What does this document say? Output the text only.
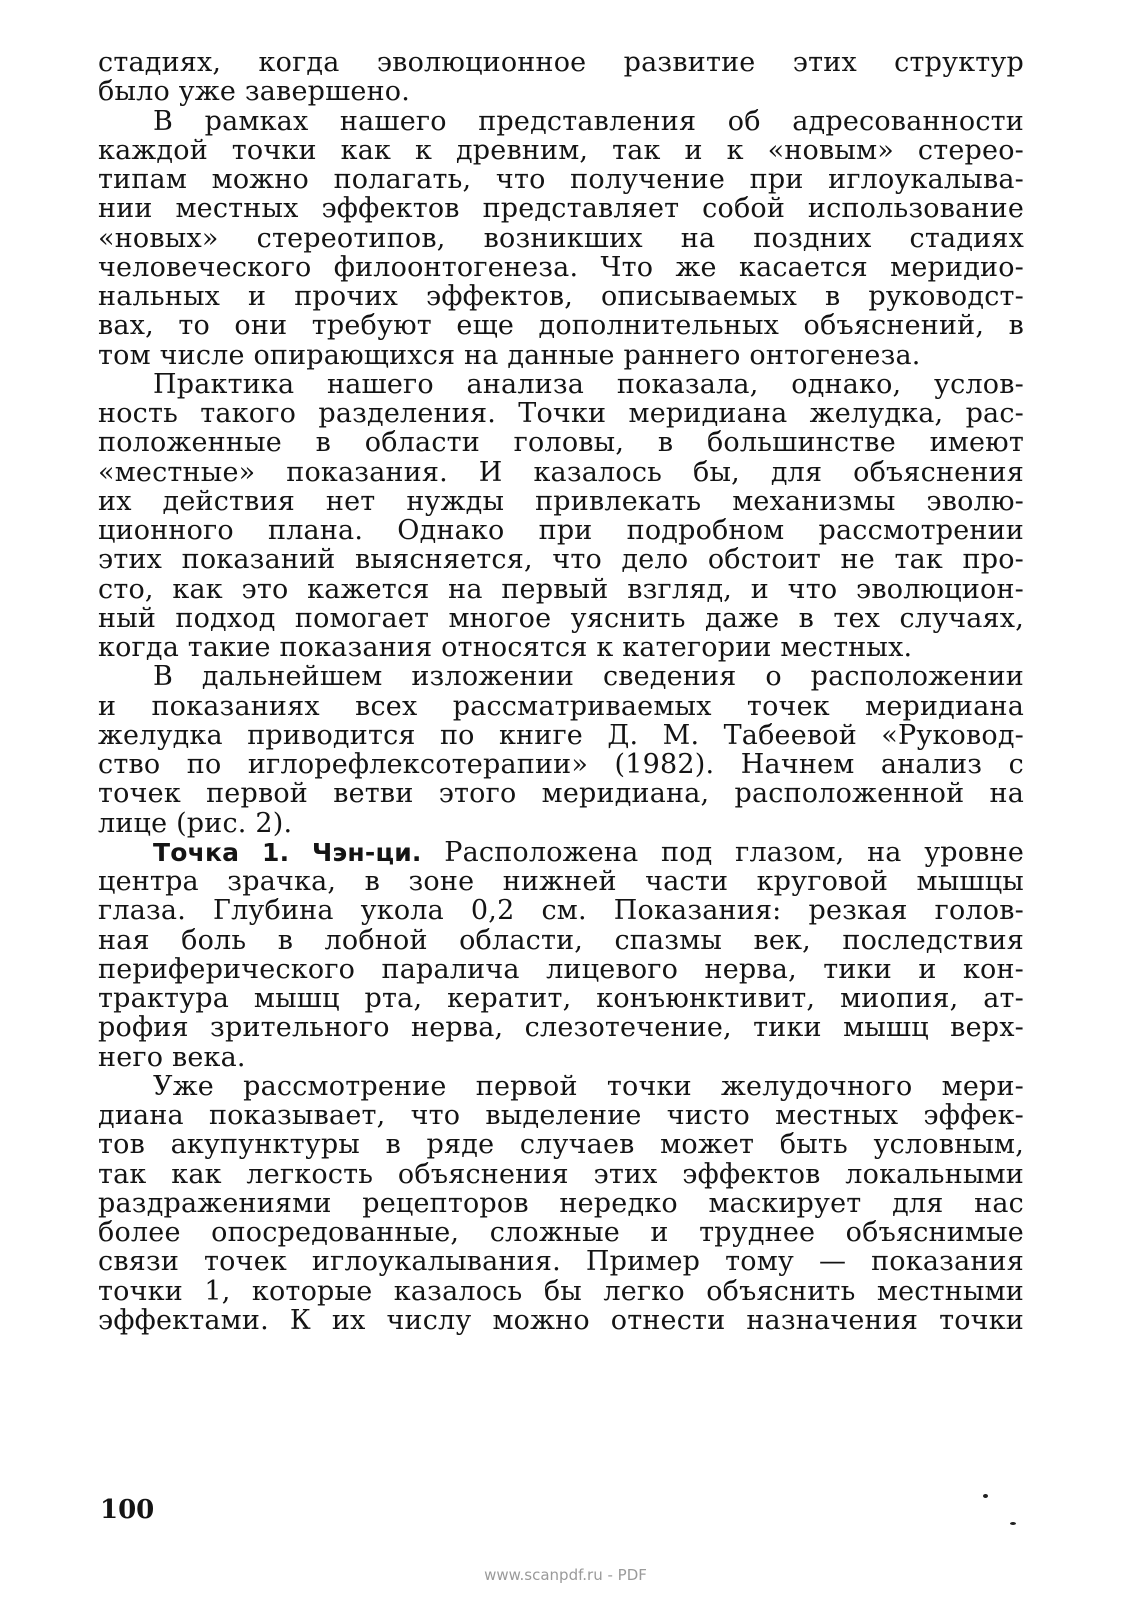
стадиях, когда эволюционное развитие этих структур
было уже завершено.
В рамках нашего представления об адресованности
каждой точки как к древним, так и к «новым» стерео-
типам можно полагать, что получение при иглоукалыва-
нии местных эффектов представляет собой использование
«новых» стереотипов, возникших на поздних стадиях
человеческого филоонтогенеза. Что же касается меридио-
нальных и прочих эффектов, описываемых в руководст-
вах, то они требуют еще дополнительных объяснений, в
том числе опирающихся на данные раннего онтогенеза.
Практика нашего анализа показала, однако, услов-
ность такого разделения. Точки меридиана желудка, рас-
положенные в области головы, в большинстве имеют
«местные» показания. И казалось бы, для объяснения
их действия нет нужды привлекать механизмы эволю-
ционного плана. Однако при подробном рассмотрении
этих показаний выясняется, что дело обстоит не так про-
сто, как это кажется на первый взгляд, и что эволюцион-
ный подход помогает многое уяснить даже в тех случаях,
когда такие показания относятся к категории местных.
В дальнейшем изложении сведения о расположении
и показаниях всех рассматриваемых точек меридиана
желудка приводится по книге Д. М. Табеевой «Руковод-
ство по иглорефлексотерапии» (1982). Начнем анализ с
точек первой ветви этого меридиана, расположенной на
лице (рис. 2).
Точка 1. Чэн-ци. Расположена под глазом, на уровне
центра зрачка, в зоне нижней части круговой мышцы
глаза. Глубина укола 0,2 см. Показания: резкая голов-
ная боль в лобной области, спазмы век, последствия
периферического паралича лицевого нерва, тики и кон-
трактура мышц рта, кератит, конъюнктивит, миопия, ат-
рофия зрительного нерва, слезотечение, тики мышц верх-
него века.
Уже рассмотрение первой точки желудочного мери-
диана показывает, что выделение чисто местных эффек-
тов акупунктуры в ряде случаев может быть условным,
так как легкость объяснения этих эффектов локальными
раздражениями рецепторов нередко маскирует для нас
более опосредованные, сложные и труднее объяснимые
связи точек иглоукалывания. Пример тому — показания
точки 1, которые казалось бы легко объяснить местными
эффектами. К их числу можно отнести назначения точки
100
www.scanpdf.ru - PDF
